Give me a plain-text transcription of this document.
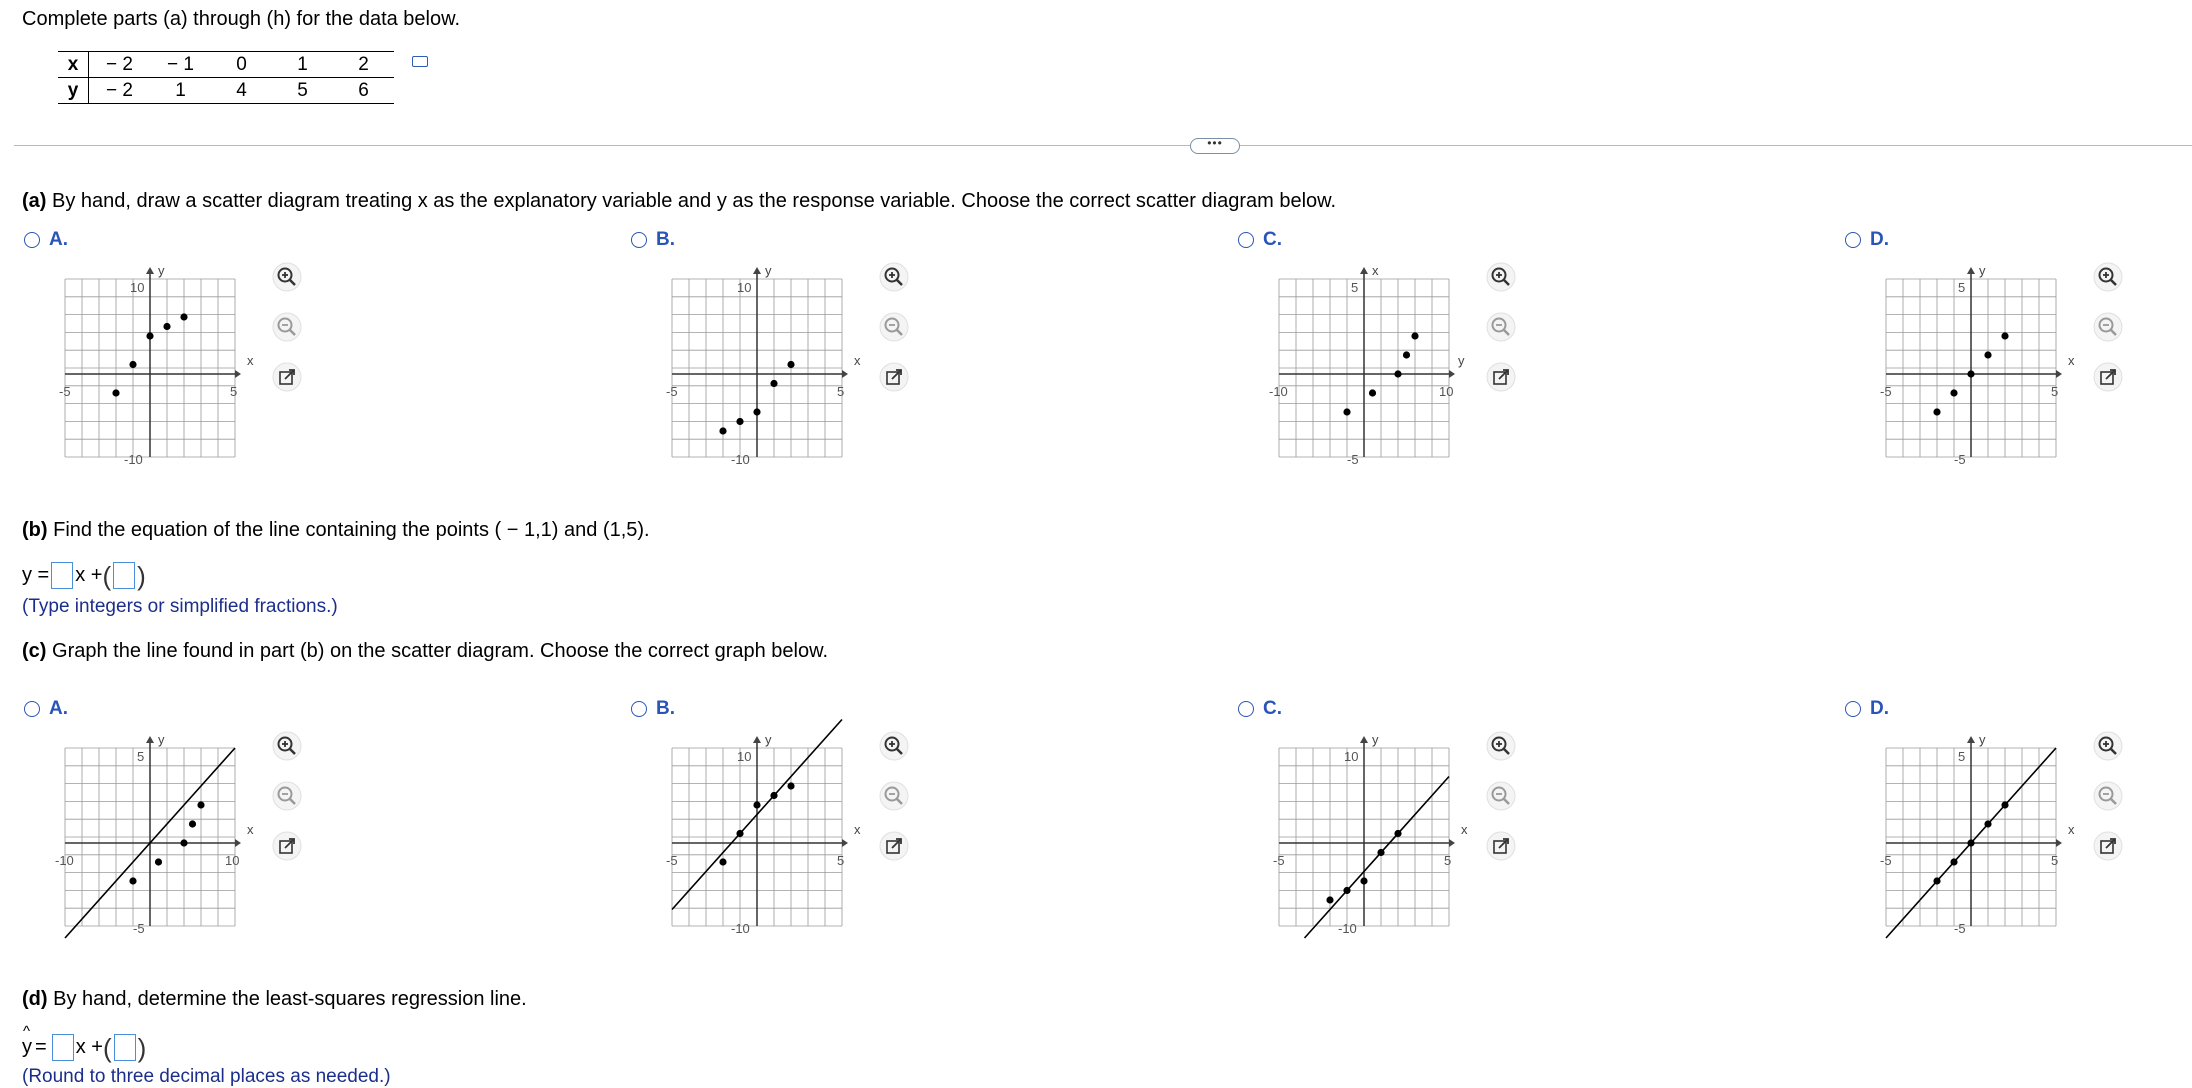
Complete parts (a) through (h) for the data below.
x	− 2	− 1	0	1	2
y	− 2	1	4	5	6
•••
(a) By hand, draw a scatter diagram treating x as the explanatory variable and y as the response variable. Choose the correct scatter diagram below.
A.	B.	C.	D.
x
y
-5	5
10
-10
x
y
-5	5
10
-10
y
x
-10	10
5
-5
x
y
-5	5
5
-5
(b) Find the equation of the line containing the points ( − 1,1) and (1,5).
y = x + ( )
(Type integers or simplified fractions.)
(c) Graph the line found in part (b) on the scatter diagram. Choose the correct graph below.
A.	B.	C.	D.
x
y
-10	10
5
-5
x
y
-5	5
10
-10
x
y
-5	5
10
-10
x
y
-5	5
5
-5
(d) By hand, determine the least-squares regression line.
^ y = x + ( )
(Round to three decimal places as needed.)
